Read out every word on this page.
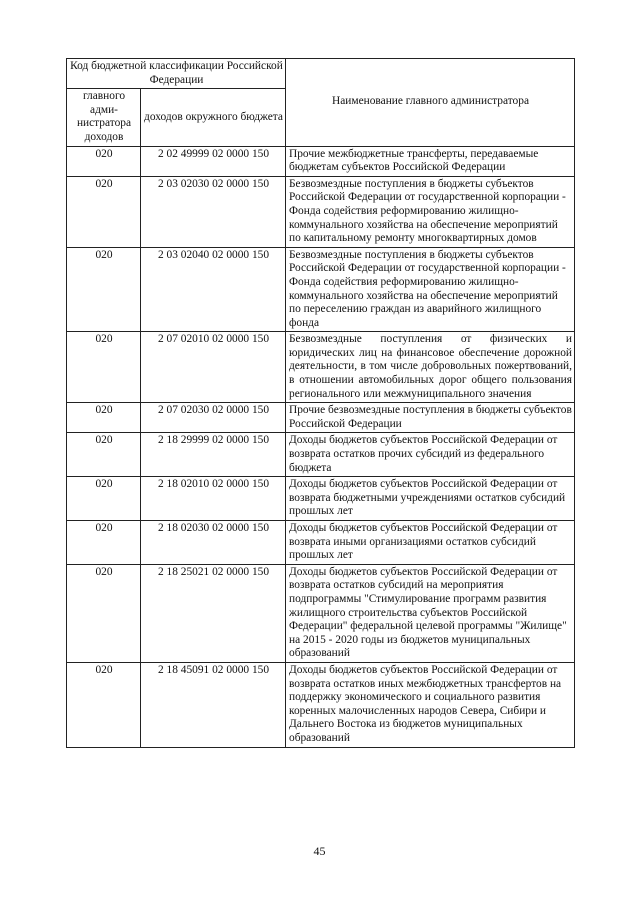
Код бюджетной классификации Российской Федерации		Наименование главного администратора
главного адми-нистратора доходов	доходов окружного бюджета	
020	2 02 49999 02 0000 150	Прочие межбюджетные трансферты, передаваемые бюджетам субъектов Российской Федерации
020	2 03 02030 02 0000 150	Безвозмездные поступления в бюджеты субъектов Российской Федерации от государственной корпорации - Фонда содействия реформированию жилищно-коммунального хозяйства на обеспечение мероприятий по капитальному ремонту многоквартирных домов
020	2 03 02040 02 0000 150	Безвозмездные поступления в бюджеты субъектов Российской Федерации от государственной корпорации - Фонда содействия реформированию жилищно-коммунального хозяйства на обеспечение мероприятий по переселению граждан из аварийного жилищного фонда
020	2 07 02010 02 0000 150	Безвозмездные поступления от физических и юридических лиц на финансовое обеспечение дорожной деятельности, в том числе добровольных пожертвований, в отношении автомобильных дорог общего пользования регионального или межмуниципального значения
020	2 07 02030 02 0000 150	Прочие безвозмездные поступления в бюджеты субъектов Российской Федерации
020	2 18 29999 02 0000 150	Доходы бюджетов субъектов Российской Федерации от возврата остатков прочих субсидий из федерального бюджета
020	2 18 02010 02 0000 150	Доходы бюджетов субъектов Российской Федерации от возврата бюджетными учреждениями остатков субсидий прошлых лет
020	2 18 02030 02 0000 150	Доходы бюджетов субъектов Российской Федерации от возврата иными организациями остатков субсидий прошлых лет
020	2 18 25021 02 0000 150	Доходы бюджетов субъектов Российской Федерации от возврата остатков субсидий на мероприятия подпрограммы "Стимулирование программ развития жилищного строительства субъектов Российской Федерации" федеральной целевой программы "Жилище" на 2015 - 2020 годы из бюджетов муниципальных образований
020	2 18 45091 02 0000 150	Доходы бюджетов субъектов Российской Федерации от возврата остатков иных межбюджетных трансфертов на поддержку экономического и социального развития коренных малочисленных народов Севера, Сибири и Дальнего Востока из бюджетов муниципальных образований
45
